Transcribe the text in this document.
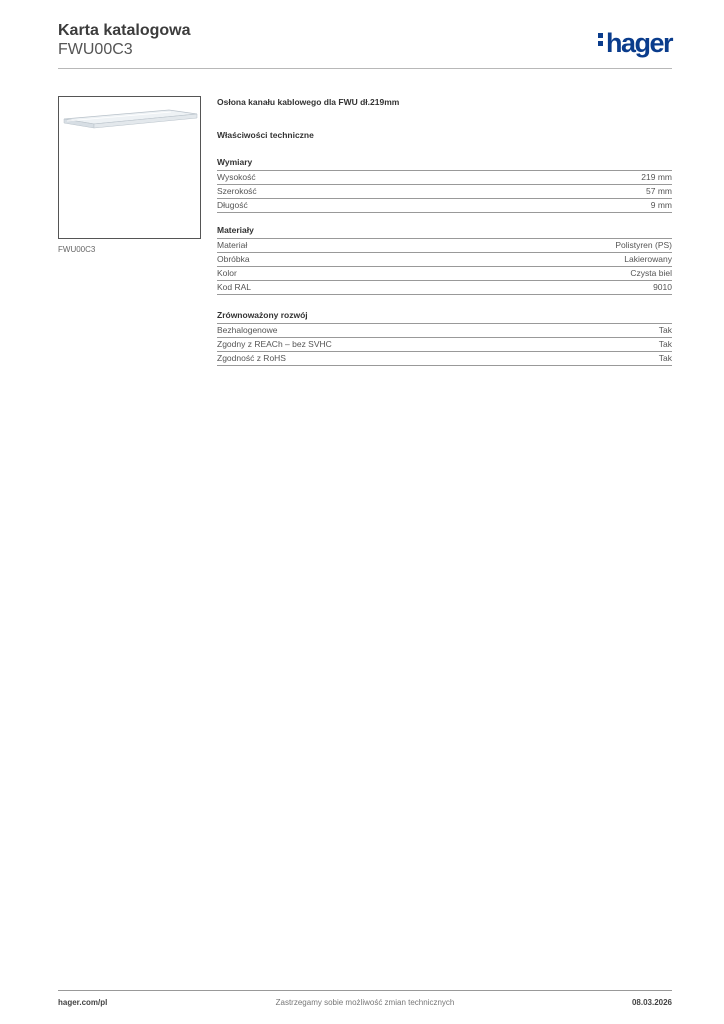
Karta katalogowa
FWU00C3	hager
FWU00C3
Osłona kanału kablowego dla FWU dł.219mm
Właściwości techniczne
Wymiary
Wysokość	219 mm
Szerokość	57 mm
Długość	9 mm
Materiały
Materiał	Polistyren (PS)
Obróbka	Lakierowany
Kolor	Czysta biel
Kod RAL	9010
Zrównoważony rozwój
Bezhalogenowe	Tak
Zgodny z REACh – bez SVHC	Tak
Zgodność z RoHS	Tak
hager.com/pl	Zastrzegamy sobie możliwość zmian technicznych	08.03.2026
